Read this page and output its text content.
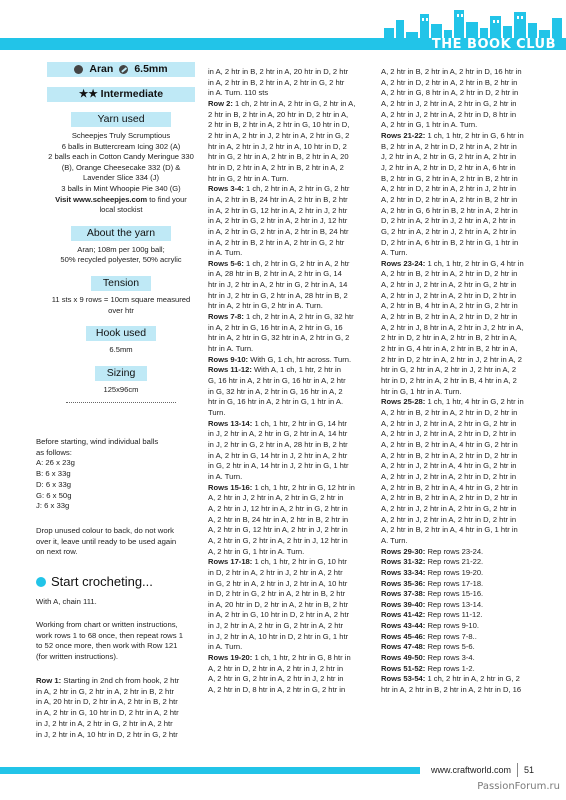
THE BOOK CLUB
Aran 6.5mm
★★ Intermediate
Yarn used
Scheepjes Truly Scrumptious
6 balls in Buttercream Icing 302 (A)
2 balls each in Cotton Candy Meringue 330
(B), Orange Cheesecake 332 (D) &
Lavender Slice 334 (J)
3 balls in Mint Whoopie Pie 340 (G)
Visit www.scheepjes.com to find your
local stockist
About the yarn
Aran; 108m per 100g ball;
50% recycled polyester, 50% acrylic
Tension
11 sts x 9 rows = 10cm square measured
over htr
Hook used
6.5mm
Sizing
125x96cm
Before starting, wind individual balls
as follows:
A: 26 x 23g
B: 6 x 33g
D: 6 x 33g
G: 6 x 50g
J: 6 x 33g
Drop unused colour to back, do not work
over it, leave until ready to be used again
on next row.
Start crocheting...
With A, chain 111.
Working from chart or written instructions,
work rows 1 to 68 once, then repeat rows 1
to 52 once more, then work with Row 121
(for written instructions).
Row 1: Starting in 2nd ch from hook, 2 htr
in A, 2 htr in G, 2 htr in A, 2 htr in B, 2 htr
in A, 20 htr in D, 2 htr in A, 2 htr in B, 2 htr
in A, 2 htr in G, 10 htr in D, 2 htr in A, 2 htr
in J, 2 htr in A, 2 htr in G, 2 htr in A, 2 htr
in J, 2 htr in A, 10 htr in D, 2 htr in G, 2 htr

in A, 2 htr in B, 2 htr in A, 20 htr in D, 2 htr

in A, 2 htr in B, 2 htr in A, 2 htr in G, 2 htr

in A. Turn. 110 sts

Row 2: 1 ch, 2 htr in A, 2 htr in G, 2 htr in A,

2 htr in B, 2 htr in A, 20 htr in D, 2 htr in A,

2 htr in B, 2 htr in A, 2 htr in G, 10 htr in D,

2 htr in A, 2 htr in J, 2 htr in A, 2 htr in G, 2

htr in A, 2 htr in J, 2 htr in A, 10 htr in D, 2

htr in G, 2 htr in A, 2 htr in B, 2 htr in A, 20

htr in D, 2 htr in A, 2 htr in B, 2 htr in A, 2

htr in G, 2 htr in A. Turn.

Rows 3-4: 1 ch, 2 htr in A, 2 htr in G, 2 htr

in A, 2 htr in B, 24 htr in A, 2 htr in B, 2 htr

in A, 2 htr in G, 12 htr in A, 2 htr in J, 2 htr

in A, 2 htr in G, 2 htr in A, 2 htr in J, 12 htr

in A, 2 htr in G, 2 htr in A, 2 htr in B, 24 htr

in A, 2 htr in B, 2 htr in A, 2 htr in G, 2 htr

in A. Turn.

Rows 5-6: 1 ch, 2 htr in G, 2 htr in A, 2 htr

in A, 28 htr in B, 2 htr in A, 2 htr in G, 14

htr in J, 2 htr in A, 2 htr in G, 2 htr in A, 14

htr in J, 2 htr in G, 2 htr in A, 28 htr in B, 2

htr in A, 2 htr in G, 2 htr in A. Turn.

Rows 7-8: 1 ch, 2 htr in A, 2 htr in G, 32 htr

in A, 2 htr in G, 16 htr in A, 2 htr in G, 16

htr in A, 2 htr in G, 32 htr in A, 2 htr in G, 2

htr in A. Turn.

Rows 9-10: With G, 1 ch, htr across. Turn.

Rows 11-12: With A, 1 ch, 1 htr, 2 htr in

G, 16 htr in A, 2 htr in G, 16 htr in A, 2 htr

in G, 32 htr in A, 2 htr in G, 16 htr in A, 2

htr in G, 16 htr in A, 2 htr in G, 1 htr in A.

Turn.

Rows 13-14: 1 ch, 1 htr, 2 htr in G, 14 htr

in J, 2 htr in A, 2 htr in G, 2 htr in A, 14 htr

in J, 2 htr in G, 2 htr in A, 28 htr in B, 2 htr

in A, 2 htr in G, 14 htr in J, 2 htr in A, 2 htr

in G, 2 htr in A, 14 htr in J, 2 htr in G, 1 htr

in A. Turn.

Rows 15-16: 1 ch, 1 htr, 2 htr in G, 12 htr in

A, 2 htr in J, 2 htr in A, 2 htr in G, 2 htr in

A, 2 htr in J, 12 htr in A, 2 htr in G, 2 htr in

A, 2 htr in B, 24 htr in A, 2 htr in B, 2 htr in

A, 2 htr in G, 12 htr in A, 2 htr in J, 2 htr in

A, 2 htr in G, 2 htr in A, 2 htr in J, 12 htr in

A, 2 htr in G, 1 htr in A. Turn.

Rows 17-18: 1 ch, 1 htr, 2 htr in G, 10 htr

in D, 2 htr in A, 2 htr in J, 2 htr in A, 2 htr

in G, 2 htr in A, 2 htr in J, 2 htr in A, 10 htr

in D, 2 htr in G, 2 htr in A, 2 htr in B, 2 htr

in A, 20 htr in D, 2 htr in A, 2 htr in B, 2 htr

in A, 2 htr in G, 10 htr in D, 2 htr in A, 2 htr

in J, 2 htr in A, 2 htr in G, 2 htr in A, 2 htr

in J, 2 htr in A, 10 htr in D, 2 htr in G, 1 htr

in A. Turn.

Rows 19-20: 1 ch, 1 htr, 2 htr in G, 8 htr in

A, 2 htr in D, 2 htr in A, 2 htr in J, 2 htr in

A, 2 htr in G, 2 htr in A, 2 htr in J, 2 htr in

A, 2 htr in D, 8 htr in A, 2 htr in G, 2 htr in

A, 2 htr in B, 2 htr in A, 2 htr in D, 16 htr in

A, 2 htr in D, 2 htr in A, 2 htr in B, 2 htr in

A, 2 htr in G, 8 htr in A, 2 htr in D, 2 htr in

A, 2 htr in J, 2 htr in A, 2 htr in G, 2 htr in

A, 2 htr in J, 2 htr in A, 2 htr in D, 8 htr in

A, 2 htr in G, 1 htr in A. Turn.

Rows 21-22: 1 ch, 1 htr, 2 htr in G, 6 htr in

B, 2 htr in A, 2 htr in D, 2 htr in A, 2 htr in

J, 2 htr in A, 2 htr in G, 2 htr in A, 2 htr in

J, 2 htr in A, 2 htr in D, 2 htr in A, 6 htr in

B, 2 htr in G, 2 htr in A, 2 htr in B, 2 htr in

A, 2 htr in D, 2 htr in A, 2 htr in J, 2 htr in

A, 2 htr in D, 2 htr in A, 2 htr in B, 2 htr in

A, 2 htr in G, 6 htr in B, 2 htr in A, 2 htr in

D, 2 htr in A, 2 htr in J, 2 htr in A, 2 htr in

G, 2 htr in A, 2 htr in J, 2 htr in A, 2 htr in

D, 2 htr in A, 6 htr in B, 2 htr in G, 1 htr in

A. Turn.

Rows 23-24: 1 ch, 1 htr, 2 htr in G, 4 htr in

A, 2 htr in B, 2 htr in A, 2 htr in D, 2 htr in

A, 2 htr in J, 2 htr in A, 2 htr in G, 2 htr in

A, 2 htr in J, 2 htr in A, 2 htr in D, 2 htr in

A, 2 htr in B, 4 htr in A, 2 htr in G, 2 htr in

A, 2 htr in B, 2 htr in A, 2 htr in D, 2 htr in

A, 2 htr in J, 8 htr in A, 2 htr in J, 2 htr in A,

2 htr in D, 2 htr in A, 2 htr in B, 2 htr in A,

2 htr in G, 4 htr in A, 2 htr in B, 2 htr in A,

2 htr in D, 2 htr in A, 2 htr in J, 2 htr in A, 2

htr in G, 2 htr in A, 2 htr in J, 2 htr in A, 2

htr in D, 2 htr in A, 2 htr in B, 4 htr in A, 2

htr in G, 1 htr in A. Turn.

Rows 25-28: 1 ch, 1 htr, 4 htr in G, 2 htr in

A, 2 htr in B, 2 htr in A, 2 htr in D, 2 htr in

A, 2 htr in J, 2 htr in A, 2 htr in G, 2 htr in

A, 2 htr in J, 2 htr in A, 2 htr in D, 2 htr in

A, 2 htr in B, 2 htr in A, 4 htr in G, 2 htr in

A, 2 htr in B, 2 htr in A, 2 htr in D, 2 htr in

A, 2 htr in J, 2 htr in A, 4 htr in G, 2 htr in

A, 2 htr in J, 2 htr in A, 2 htr in D, 2 htr in

A, 2 htr in B, 2 htr in A, 4 htr in G, 2 htr in

A, 2 htr in B, 2 htr in A, 2 htr in D, 2 htr in

A, 2 htr in J, 2 htr in A, 2 htr in G, 2 htr in

A, 2 htr in J, 2 htr in A, 2 htr in D, 2 htr in

A, 2 htr in B, 2 htr in A, 4 htr in G, 1 htr in

A. Turn.

Rows 29-30: Rep rows 23-24.

Rows 31-32: Rep rows 21-22.

Rows 33-34: Rep rows 19-20.

Rows 35-36: Rep rows 17-18.

Rows 37-38: Rep rows 15-16.

Rows 39-40: Rep rows 13-14.

Rows 41-42: Rep rows 11-12.

Rows 43-44: Rep rows 9-10.

Rows 45-46: Rep rows 7-8..

Rows 47-48: Rep rows 5-6.

Rows 49-50: Rep rows 3-4.

Rows 51-52: Rep rows 1-2.

Rows 53-54: 1 ch, 2 htr in A, 2 htr in G, 2

htr in A, 2 htr in B, 2 htr in A, 2 htr in D, 16

www.craftworld.com 51
PassionForum.ru
